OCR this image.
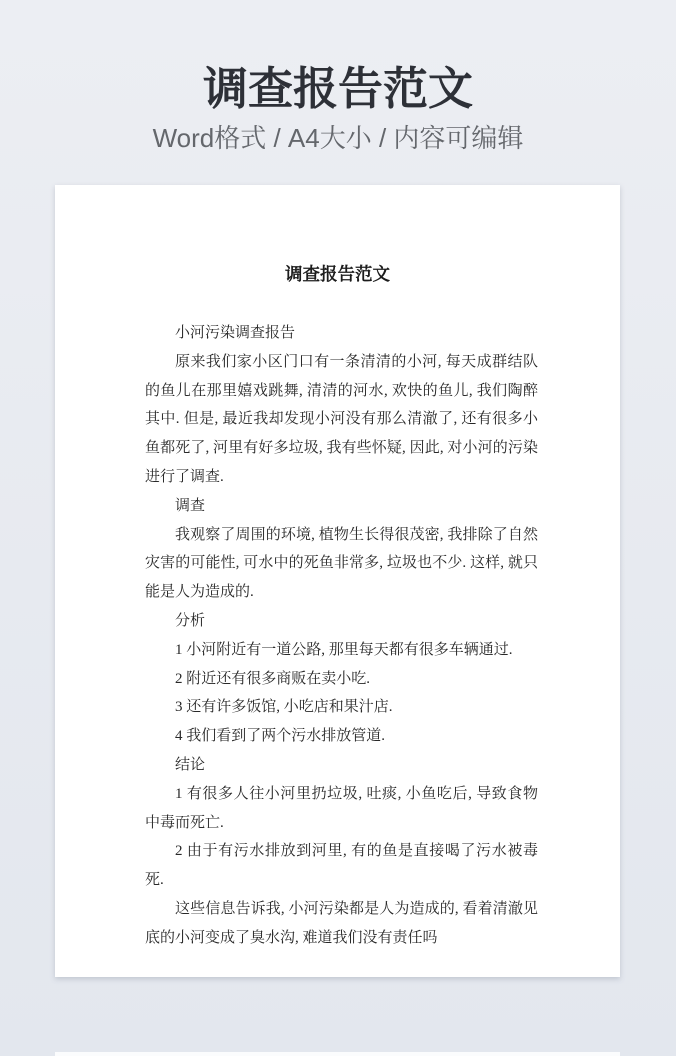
调查报告范文
Word格式 / A4大小 / 内容可编辑
调查报告范文

小河污染调查报告

原来我们家小区门口有一条清清的小河, 每天成群结队的鱼儿在那里嬉戏跳舞, 清清的河水, 欢快的鱼儿, 我们陶醉其中. 但是, 最近我却发现小河没有那么清澈了, 还有很多小鱼都死了, 河里有好多垃圾, 我有些怀疑, 因此, 对小河的污染进行了调查.

调查

我观察了周围的环境, 植物生长得很茂密, 我排除了自然灾害的可能性, 可水中的死鱼非常多, 垃圾也不少. 这样, 就只能是人为造成的.

分析

1 小河附近有一道公路, 那里每天都有很多车辆通过.

2 附近还有很多商贩在卖小吃.

3 还有许多饭馆, 小吃店和果汁店.

4 我们看到了两个污水排放管道.

结论

1 有很多人往小河里扔垃圾, 吐痰, 小鱼吃后, 导致食物中毒而死亡.

2 由于有污水排放到河里, 有的鱼是直接喝了污水被毒死.

这些信息告诉我, 小河污染都是人为造成的, 看着清澈见底的小河变成了臭水沟, 难道我们没有责任吗
